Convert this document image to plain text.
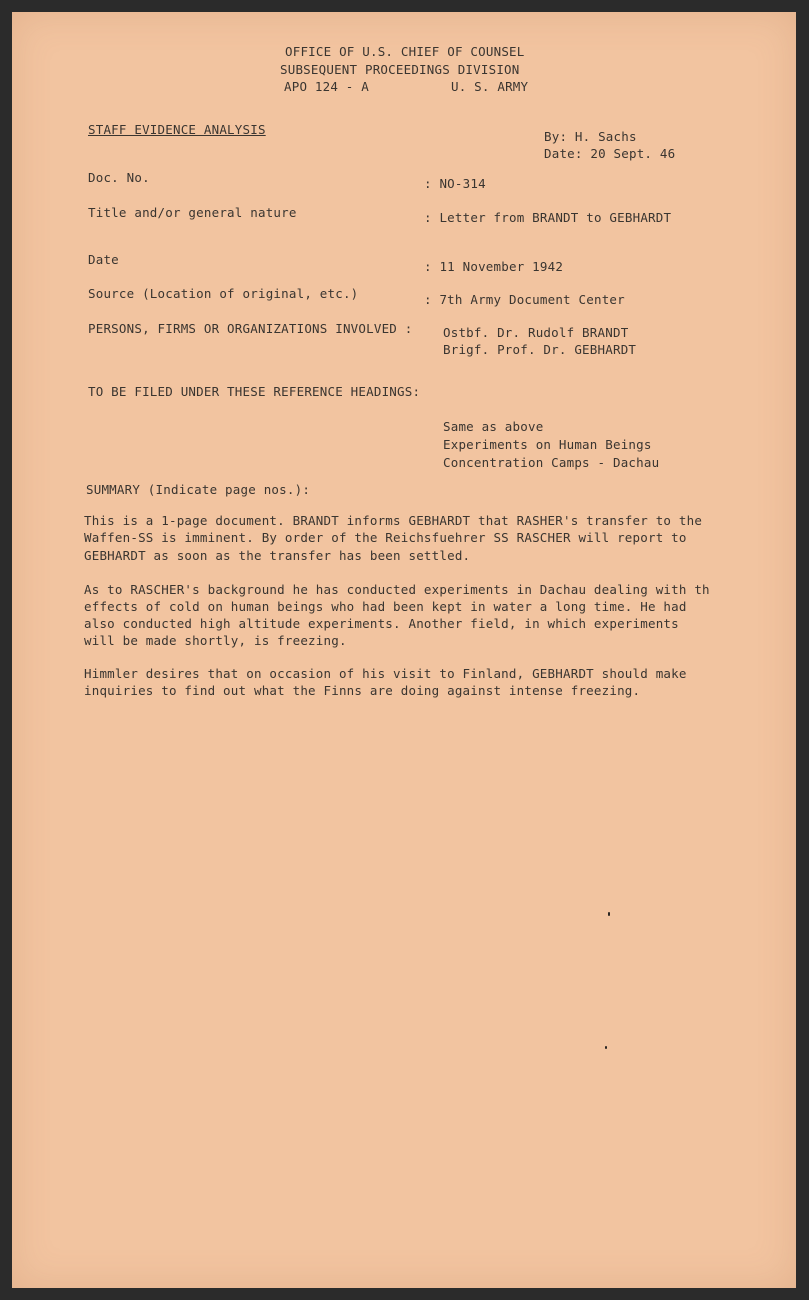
OFFICE OF U.S. CHIEF OF COUNSEL
SUBSEQUENT PROCEEDINGS DIVISION
APO 124 - A	U. S. ARMY
STAFF EVIDENCE ANALYSIS	By: H. Sachs
Date: 20 Sept. 46
Doc. No.	: NO-314
Title and/or general nature	: Letter from BRANDT to GEBHARDT
Date	: 11 November 1942
Source (Location of original, etc.)	: 7th Army Document Center
PERSONS, FIRMS OR ORGANIZATIONS INVOLVED : Ostbf. Dr. Rudolf BRANDT
Brigf. Prof. Dr. GEBHARDT
TO BE FILED UNDER THESE REFERENCE HEADINGS:
Same as above
Experiments on Human Beings
Concentration Camps - Dachau
SUMMARY (Indicate page nos.):
This is a 1-page document. BRANDT informs GEBHARDT that RASHER's transfer to the
Waffen-SS is imminent. By order of the Reichsfuehrer SS RASCHER will report to
GEBHARDT as soon as the transfer has been settled.
As to RASCHER's background he has conducted experiments in Dachau dealing with th
effects of cold on human beings who had been kept in water a long time. He had
also conducted high altitude experiments. Another field, in which experiments
will be made shortly, is freezing.
Himmler desires that on occasion of his visit to Finland, GEBHARDT should make
inquiries to find out what the Finns are doing against intense freezing.
